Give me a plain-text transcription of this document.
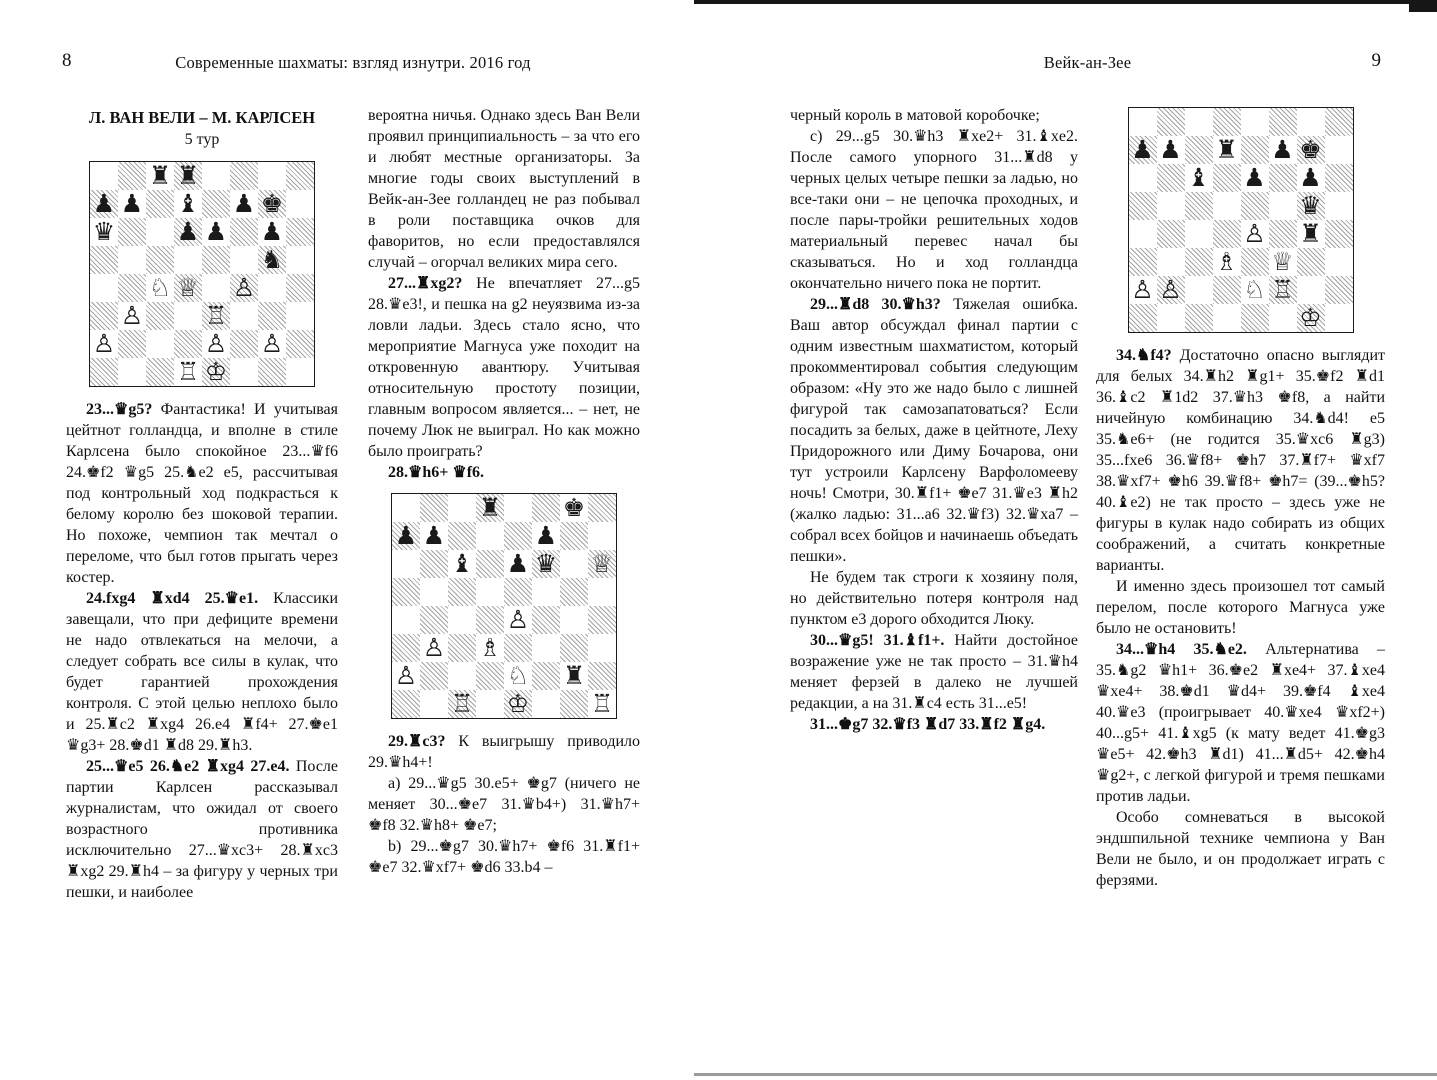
8	Современные шахматы: взгляд изнутри. 2016 год	Вейк-ан-Зее	9
Л. ВАН ВЕЛИ – М. КАРЛСЕН
5 тур
♜ ♜
♟ ♟ ♝ ♟ ♚
♛ ♟ ♟ ♟
♞
♘ ♕ ♙
♙ ♖
♙	♙ ♙
♖ ♔

23...♛g5? Фантастика! И учитывая цейтнот голландца, и вполне в стиле Карлсена было спокойное 23...♛f6 24.♚f2 ♛g5 25.♞e2 e5, рассчитывая под контрольный ход подкрасться к белому королю без шоковой терапии. Но похоже, чемпион так мечтал о переломе, что был готов прыгать через костер.

24.fxg4 ♜xd4 25.♛e1. Классики завещали, что при дефиците времени не надо отвлекаться на мелочи, а следует собрать все силы в кулак, что будет гарантией прохождения контроля. С этой целью неплохо было и 25.♜c2 ♜xg4 26.e4 ♜f4+ 27.♚e1 ♛g3+ 28.♚d1 ♜d8 29.♜h3.

25...♛e5 26.♞e2 ♜xg4 27.e4. После партии Карлсен рассказывал журналистам, что ожидал от своего возрастного противника исключительно 27...♛xc3+ 28.♜xc3 ♜xg2 29.♜h4 – за фигуру у черных три пешки, и наиболее

вероятна ничья. Однако здесь Ван Вели проявил принципиальность – за что его и любят местные организаторы. За многие годы своих выступлений в Вейк-ан-Зее голландец не раз побывал в роли поставщика очков для фаворитов, но если предоставлялся случай – огорчал великих мира сего.

27...♜xg2? Не впечатляет 27...g5 28.♛e3!, и пешка на g2 неуязвима из-за ловли ладьи. Здесь стало ясно, что мероприятие Магнуса уже походит на откровенную авантюру. Учитывая относительную простоту позиции, главным вопросом является... – нет, не почему Люк не выиграл. Но как можно было проиграть?

28.♛h6+ ♛f6.

♜ ♚
♟ ♟	♟
♝ ♟ ♛ ♕
♙
♙ ♗
♙	♘ ♜
♖ ♔ ♖

29.♜c3? К выигрышу приводило 29.♛h4+!

a) 29...♛g5 30.e5+ ♚g7 (ничего не меняет 30...♚e7 31.♛b4+) 31.♛h7+ ♚f8 32.♛h8+ ♚e7;

b) 29...♚g7 30.♛h7+ ♚f6 31.♜f1+ ♚e7 32.♛xf7+ ♚d6 33.b4 –

черный король в матовой коробочке;

c) 29...g5 30.♛h3 ♜xe2+ 31.♝xe2. После самого упорного 31...♜d8 у черных целых четыре пешки за ладью, но все-таки они – не цепочка проходных, и после пары-тройки решительных ходов материальный перевес начал бы сказываться. Но и ход голландца окончательно ничего пока не портит.

29...♜d8 30.♛h3? Тяжелая ошибка. Ваш автор обсуждал финал партии с одним известным шахматистом, который прокомментировал события следующим образом: «Ну это же надо было с лишней фигурой так самозапатоваться? Если посадить за белых, даже в цейтноте, Леху Придорожного или Диму Бочарова, они тут устроили Карлсену Варфоломееву ночь! Смотри, 30.♜f1+ ♚e7 31.♛e3 ♜h2 (жалко ладью: 31...a6 32.♛f3) 32.♛xa7 – собрал всех бойцов и начинаешь объедать пешки».

Не будем так строги к хозяину поля, но действительно потеря контроля над пунктом e3 дорого обходится Люку.

30...♛g5! 31.♝f1+. Найти достойное возражение уже не так просто – 31.♛h4 меняет ферзей в далеко не лучшей редакции, а на 31.♜c4 есть 31...e5!

31...♚g7 32.♛f3 ♜d7 33.♜f2 ♜g4.

♟ ♟ ♜ ♟ ♚
♝ ♟ ♟
♛
♙ ♜
♗ ♕
♙ ♙ ♘ ♖
♔

34.♞f4? Достаточно опасно выглядит для белых 34.♜h2 ♜g1+ 35.♚f2 ♜d1 36.♝c2 ♜1d2 37.♛h3 ♚f8, а найти ничейную комбинацию 34.♞d4! e5 35.♞e6+ (не годится 35.♛xc6 ♜g3) 35...fxe6 36.♛f8+ ♚h7 37.♜f7+ ♛xf7 38.♛xf7+ ♚h6 39.♛f8+ ♚h7= (39...♚h5? 40.♝e2) не так просто – здесь уже не фигуры в кулак надо собирать из общих соображений, а считать конкретные варианты.

И именно здесь произошел тот самый перелом, после которого Магнуса уже было не остановить!

34...♛h4 35.♞e2. Альтернатива – 35.♞g2 ♛h1+ 36.♚e2 ♜xe4+ 37.♝xe4 ♛xe4+ 38.♚d1 ♛d4+ 39.♚f4 ♝xe4 40.♛e3 (проигрывает 40.♛xe4 ♛xf2+) 40...g5+ 41.♝xg5 (к мату ведет 41.♚g3 ♛e5+ 42.♚h3 ♜d1) 41...♜d5+ 42.♚h4 ♛g2+, с легкой фигурой и тремя пешками против ладьи.

Особо сомневаться в высокой эндшпильной технике чемпиона у Ван Вели не было, и он продолжает играть с ферзями.
